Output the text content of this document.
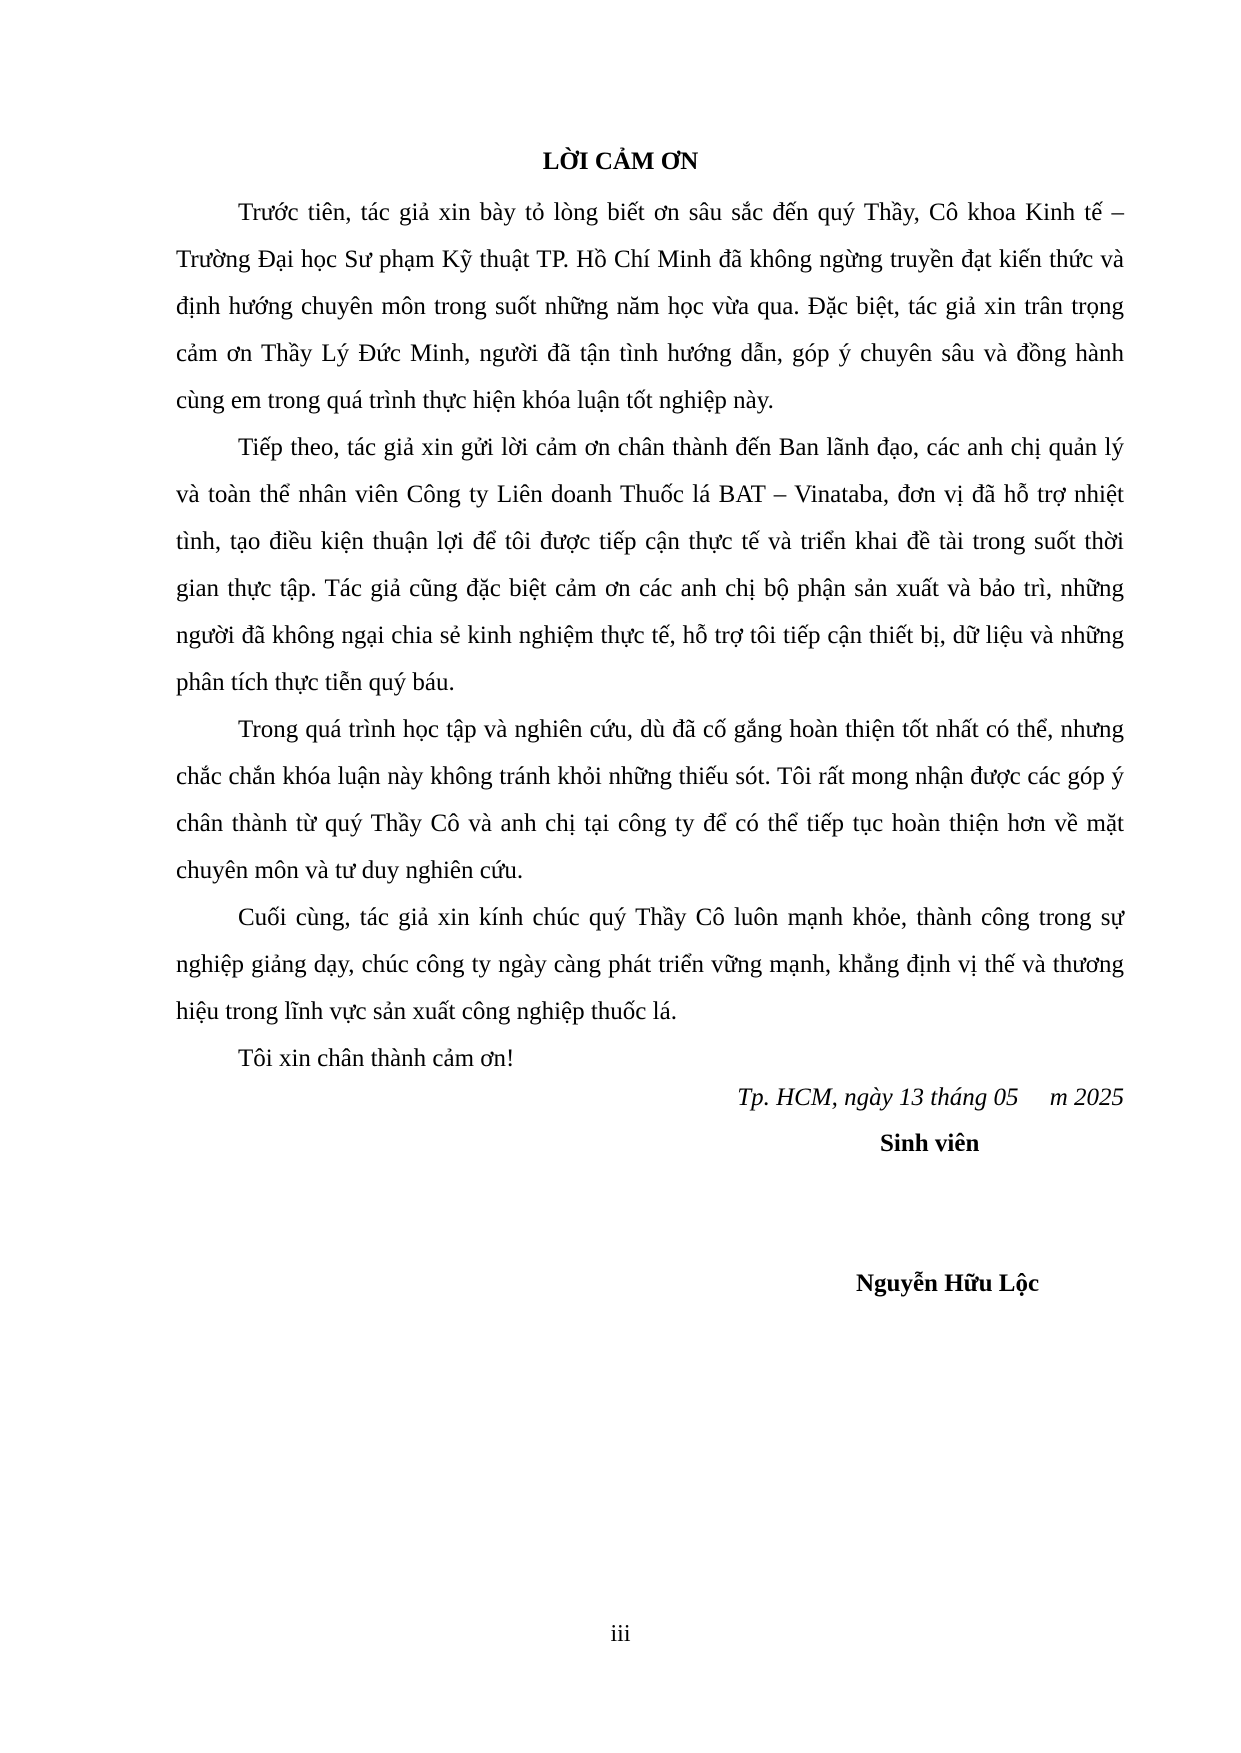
LỜI CẢM ƠN

Trước tiên, tác giả xin bày tỏ lòng biết ơn sâu sắc đến quý Thầy, Cô khoa Kinh tế – Trường Đại học Sư phạm Kỹ thuật TP. Hồ Chí Minh đã không ngừng truyền đạt kiến thức và định hướng chuyên môn trong suốt những năm học vừa qua. Đặc biệt, tác giả xin trân trọng cảm ơn Thầy Lý Đức Minh, người đã tận tình hướng dẫn, góp ý chuyên sâu và đồng hành cùng em trong quá trình thực hiện khóa luận tốt nghiệp này.

Tiếp theo, tác giả xin gửi lời cảm ơn chân thành đến Ban lãnh đạo, các anh chị quản lý và toàn thể nhân viên Công ty Liên doanh Thuốc lá BAT – Vinataba, đơn vị đã hỗ trợ nhiệt tình, tạo điều kiện thuận lợi để tôi được tiếp cận thực tế và triển khai đề tài trong suốt thời gian thực tập. Tác giả cũng đặc biệt cảm ơn các anh chị bộ phận sản xuất và bảo trì, những người đã không ngại chia sẻ kinh nghiệm thực tế, hỗ trợ tôi tiếp cận thiết bị, dữ liệu và những phân tích thực tiễn quý báu.

Trong quá trình học tập và nghiên cứu, dù đã cố gắng hoàn thiện tốt nhất có thể, nhưng chắc chắn khóa luận này không tránh khỏi những thiếu sót. Tôi rất mong nhận được các góp ý chân thành từ quý Thầy Cô và anh chị tại công ty để có thể tiếp tục hoàn thiện hơn về mặt chuyên môn và tư duy nghiên cứu.

Cuối cùng, tác giả xin kính chúc quý Thầy Cô luôn mạnh khỏe, thành công trong sự nghiệp giảng dạy, chúc công ty ngày càng phát triển vững mạnh, khẳng định vị thế và thương hiệu trong lĩnh vực sản xuất công nghiệp thuốc lá.

Tôi xin chân thành cảm ơn!

Tp. HCM, ngày 13 tháng 05     m 2025
Sinh viên
Nguyễn Hữu Lộc
iii
